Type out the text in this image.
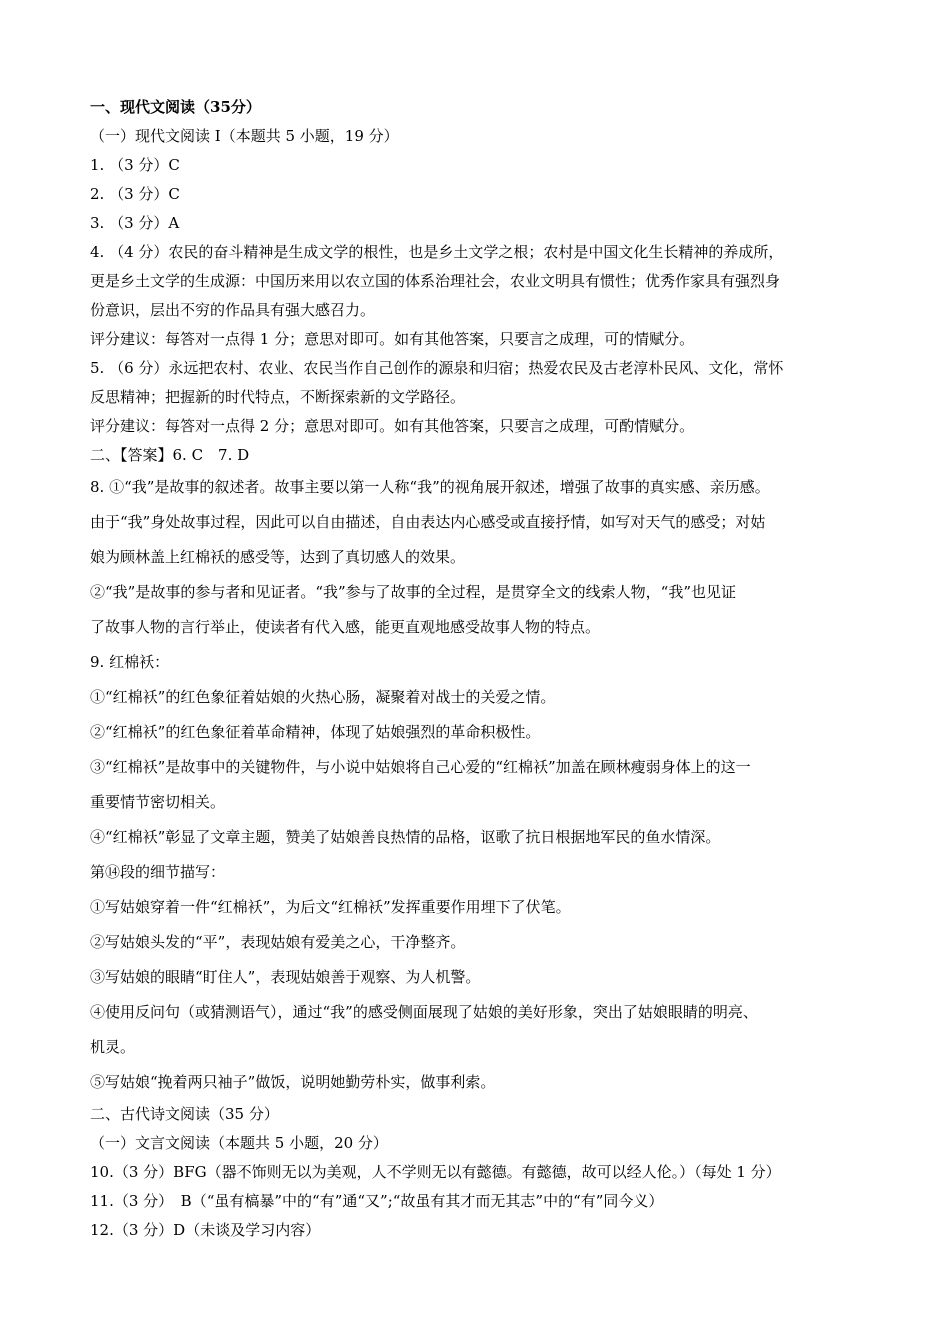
一、现代文阅读（35分）
（一）现代文阅读 I（本题共 5 小题，19 分）
1. （3 分）C
2. （3 分）C
3. （3 分）A
4. （4 分）农民的奋斗精神是生成文学的根性，也是乡土文学之根；农村是中国文化生长精神的养成所，
更是乡土文学的生成源：中国历来用以农立国的体系治理社会，农业文明具有惯性；优秀作家具有强烈身
份意识，层出不穷的作品具有强大感召力。
评分建议：每答对一点得 1 分；意思对即可。如有其他答案，只要言之成理，可的情赋分。
5. （6 分）永远把农村、农业、农民当作自己创作的源泉和归宿；热爱农民及古老淳朴民风、文化，常怀
反思精神；把握新的时代特点，不断探索新的文学路径。
评分建议：每答对一点得 2 分；意思对即可。如有其他答案，只要言之成理，可酌情赋分。
二、【答案】6. C　7. D
8. ①“我”是故事的叙述者。故事主要以第一人称“我”的视角展开叙述，增强了故事的真实感、亲历感。
由于“我”身处故事过程，因此可以自由描述，自由表达内心感受或直接抒情，如写对天气的感受；对姑
娘为顾林盖上红棉袄的感受等，达到了真切感人的效果。
②“我”是故事的参与者和见证者。“我”参与了故事的全过程，是贯穿全文的线索人物，“我”也见证
了故事人物的言行举止，使读者有代入感，能更直观地感受故事人物的特点。
9. 红棉袄：
①“红棉袄”的红色象征着姑娘的火热心肠，凝聚着对战士的关爱之情。
②“红棉袄”的红色象征着革命精神，体现了姑娘强烈的革命积极性。
③“红棉袄”是故事中的关键物件，与小说中姑娘将自己心爱的“红棉袄”加盖在顾林瘦弱身体上的这一
重要情节密切相关。
④“红棉袄”彰显了文章主题，赞美了姑娘善良热情的品格，讴歌了抗日根据地军民的鱼水情深。
第⑭段的细节描写：
①写姑娘穿着一件“红棉袄”，为后文“红棉袄”发挥重要作用埋下了伏笔。
②写姑娘头发的“平”，表现姑娘有爱美之心，干净整齐。
③写姑娘的眼睛“盯住人”，表现姑娘善于观察、为人机警。
④使用反问句（或猜测语气），通过“我”的感受侧面展现了姑娘的美好形象，突出了姑娘眼睛的明亮、
机灵。
⑤写姑娘“挽着两只袖子”做饭，说明她勤劳朴实，做事利索。
二、古代诗文阅读（35 分）
（一）文言文阅读（本题共 5 小题，20 分）
10.（3 分）BFG（器不饰则无以为美观，人不学则无以有懿德。有懿德，故可以经人伦。）（每处 1 分）
11.（3 分）　B（“虽有槁暴”中的“有”通“又”;“故虽有其才而无其志”中的“有”同今义）
12.（3 分）D（未谈及学习内容）
